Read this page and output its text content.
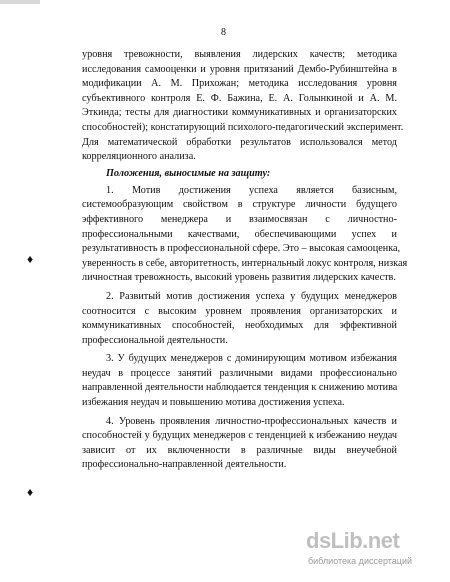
8
♦
♦
уровня тревожности, выявления лидерских качеств; методика
исследования самооценки и уровня притязаний Дембо-Рубинштейна в
модификации А. М. Прихожан; методика исследования уровня
субъективного контроля Е. Ф. Бажина, Е. А. Голынкиной и А. М.
Эткинда; тесты для диагностики коммуникативных и организаторских
способностей); констатирующий психолого-педагогический эксперимент.
Для математической обработки результатов использовался метод
корреляционного анализа.
Положения, выносимые на защиту:
1. Мотив достижения успеха является базисным,
системообразующим свойством в структуре личности будущего
эффективного менеджера и взаимосвязан с личностно-
профессиональными качествами, обеспечивающими успех и
результативность в профессиональной сфере. Это – высокая самооценка,
уверенность в себе, авторитетность, интернальный локус контроля, низкая
личностная тревожность, высокий уровень развития лидерских качеств.
2. Развитый мотив достижения успеха у будущих менеджеров
соотносится с высоким уровнем проявления организаторских и
коммуникативных способностей, необходимых для эффективной
профессиональной деятельности.
3. У будущих менеджеров с доминирующим мотивом избежания
неудач в процессе занятий различными видами профессионально
направленной деятельности наблюдается тенденция к снижению мотива
избежания неудач и повышению мотива достижения успеха.
4. Уровень проявления личностно-профессиональных качеств и
способностей у будущих менеджеров с тенденцией к избежанию неудач
зависит от их включенности в различные виды внеучебной
профессионально-направленной деятельности.
dsLib.net
библиотека диссертаций
